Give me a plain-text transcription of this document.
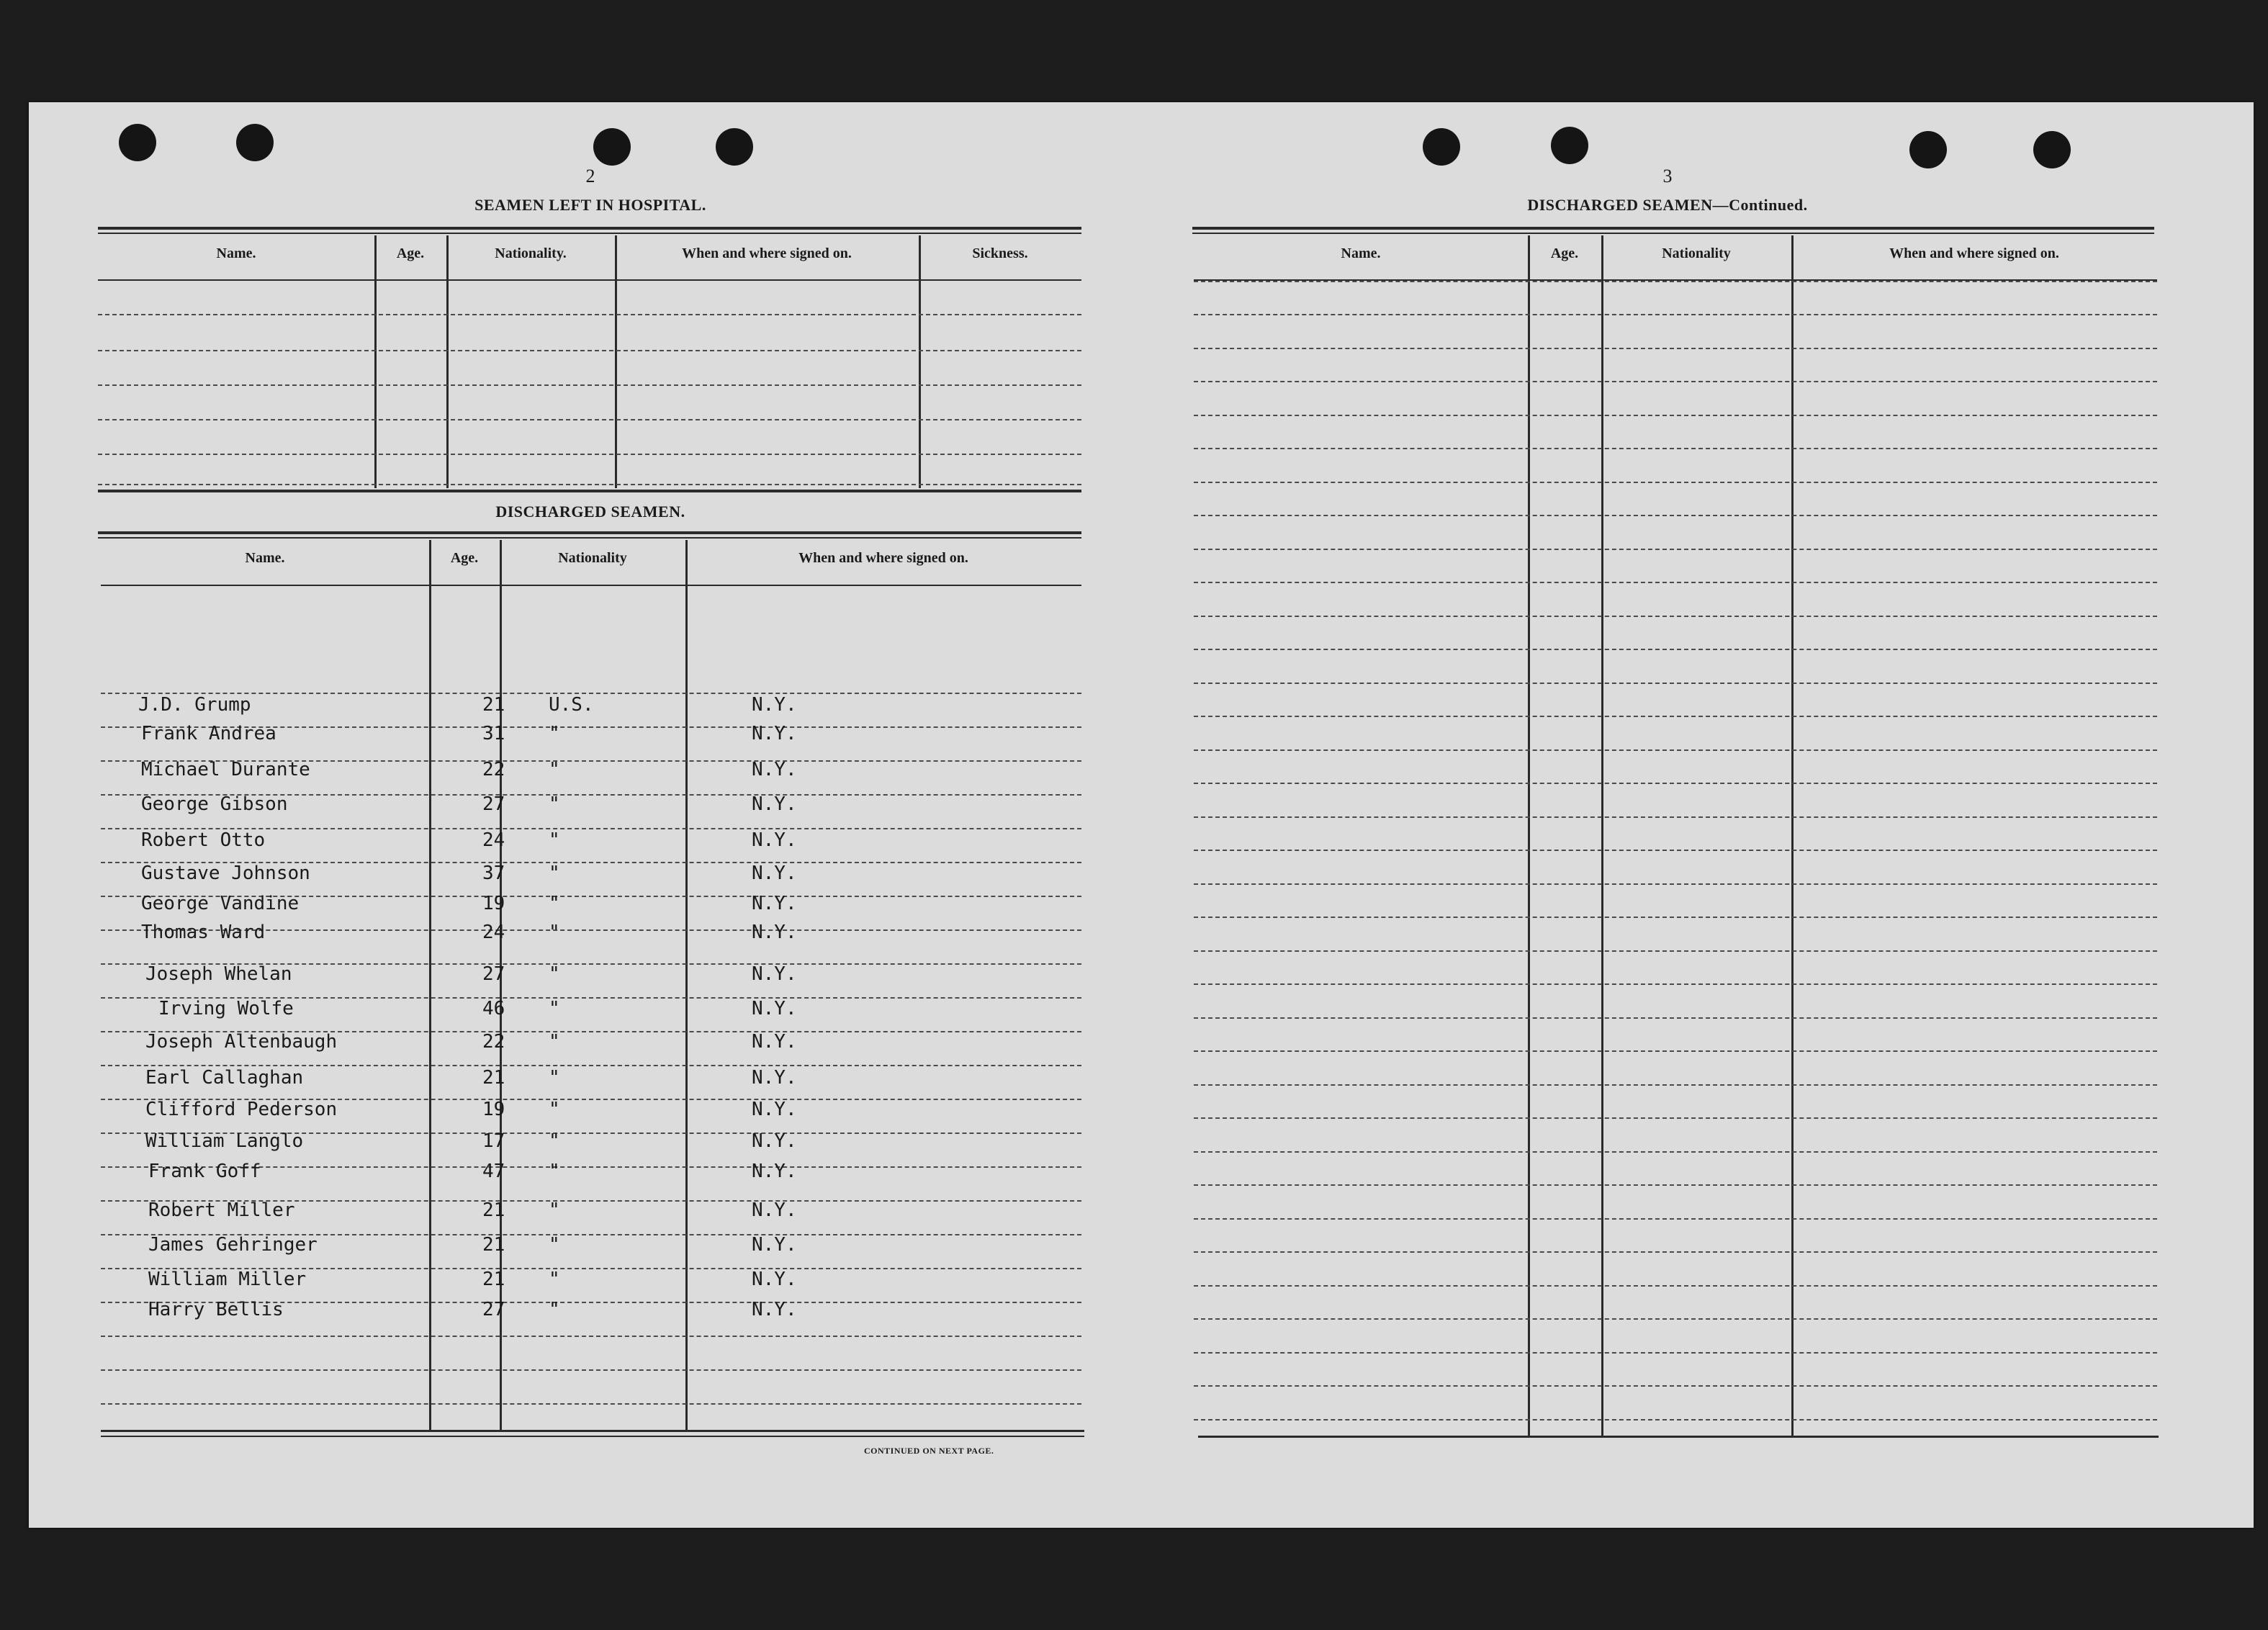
2
SEAMEN LEFT IN HOSPITAL.
Name.	Age.	Nationality.	When and where signed on.	Sickness.
DISCHARGED SEAMEN.
Name.	Age.	Nationality	When and where signed on.
J.D. Grump	21 U.S.	N.Y.
Frank Andrea	31 "	N.Y.
Michael Durante	22 "	N.Y.
George Gibson	27 "	N.Y.
Robert Otto	24 "	N.Y.
Gustave Johnson	37 "	N.Y.
George Vandine	19 "	N.Y.
Thomas Ward	24 "	N.Y.
Joseph Whelan	27 "	N.Y.
Irving Wolfe	46 "	N.Y.
Joseph Altenbaugh	22 "	N.Y.
Earl Callaghan	21 "	N.Y.
Clifford Pederson	19 "	N.Y.
William Langlo	17 "	N.Y.
Frank Goff	47 "	N.Y.
Robert Miller	21 "	N.Y.
James Gehringer	21 "	N.Y.
William Miller	21 "	N.Y.
Harry Bellis	27 "	N.Y.
CONTINUED ON NEXT PAGE.
3
DISCHARGED SEAMEN—Continued.
Name.	Age.	Nationality	When and where signed on.
